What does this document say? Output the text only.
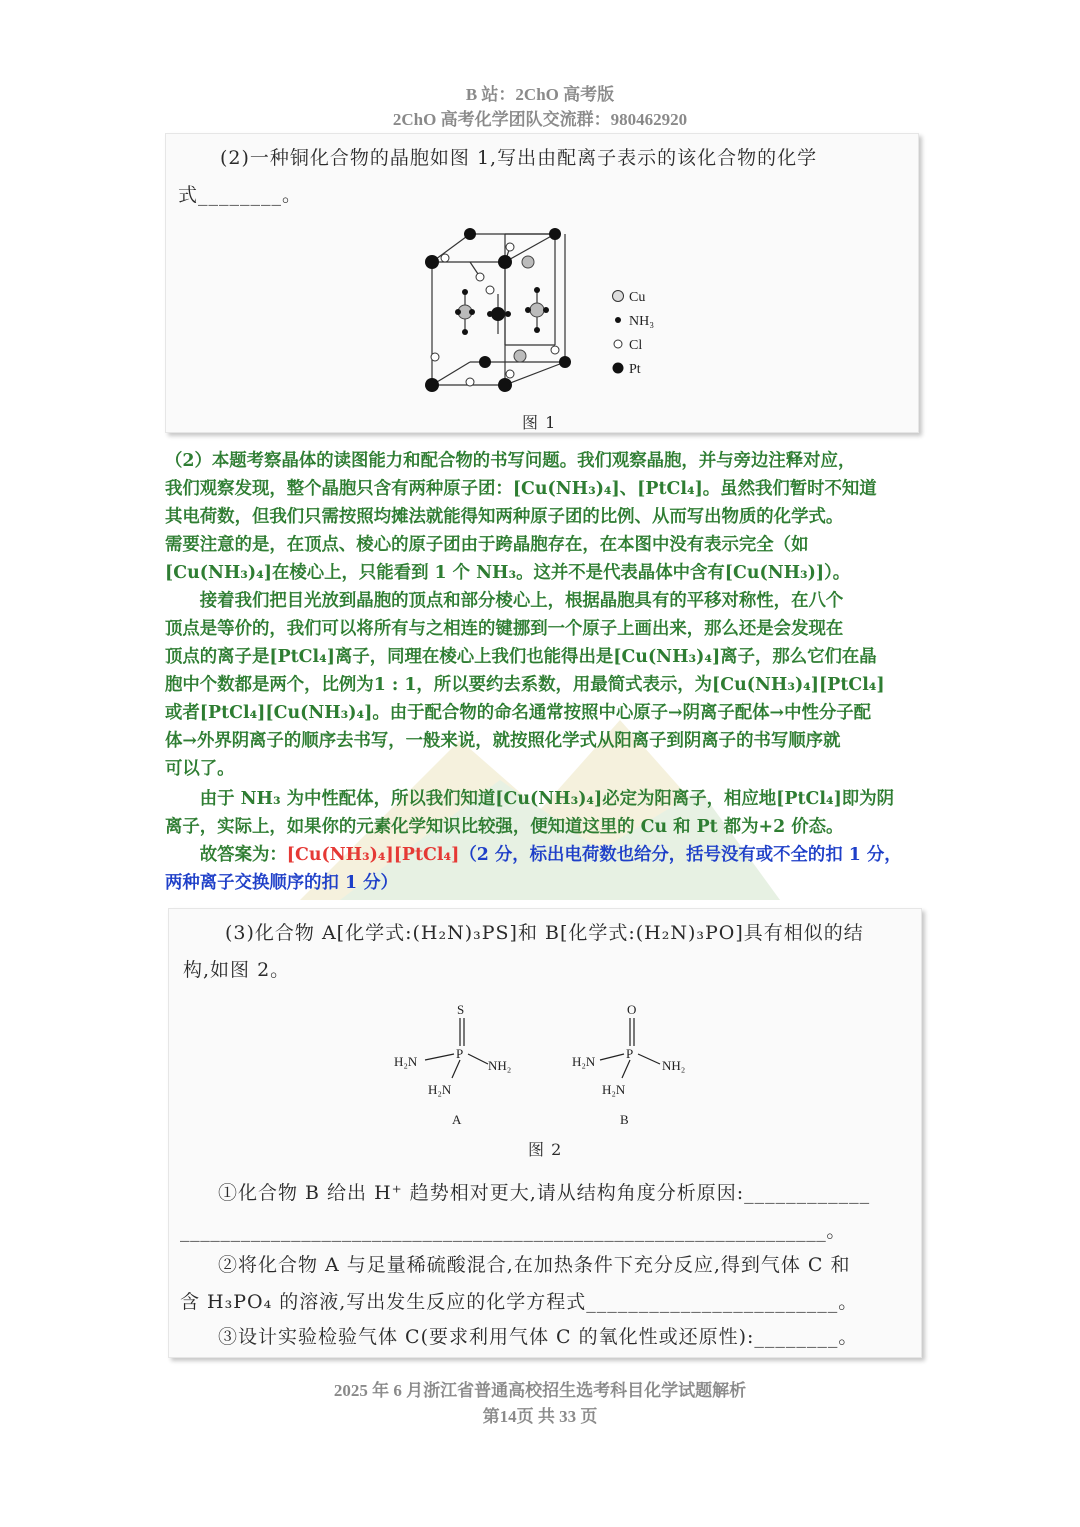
B 站：2ChO 高考版
2ChO 高考化学团队交流群：980462920
(2)一种铜化合物的晶胞如图 1,写出由配离子表示的该化合物的化学
式________。
Cu
NH₃
Cl
Pt
图 1
（2）本题考察晶体的读图能力和配合物的书写问题。我们观察晶胞，并与旁边注释对应，
我们观察发现，整个晶胞只含有两种原子团：[Cu(NH₃)₄]、[PtCl₄]。虽然我们暂时不知道
其电荷数，但我们只需按照均摊法就能得知两种原子团的比例、从而写出物质的化学式。
需要注意的是，在顶点、棱心的原子团由于跨晶胞存在，在本图中没有表示完全（如
[Cu(NH₃)₄]在棱心上，只能看到 1 个 NH₃。这并不是代表晶体中含有[Cu(NH₃)]）。
　　接着我们把目光放到晶胞的顶点和部分棱心上，根据晶胞具有的平移对称性，在八个
顶点是等价的，我们可以将所有与之相连的键挪到一个原子上画出来，那么还是会发现在
顶点的离子是[PtCl₄]离子，同理在棱心上我们也能得出是[Cu(NH₃)₄]离子，那么它们在晶
胞中个数都是两个，比例为1 : 1，所以要约去系数，用最简式表示，为[Cu(NH₃)₄][PtCl₄]
或者[PtCl₄][Cu(NH₃)₄]。由于配合物的命名通常按照中心原子→阴离子配体→中性分子配
体→外界阴离子的顺序去书写，一般来说，就按照化学式从阳离子到阴离子的书写顺序就
可以了。
　　由于 NH₃ 为中性配体，所以我们知道[Cu(NH₃)₄]必定为阳离子，相应地[PtCl₄]即为阴
离子，实际上，如果你的元素化学知识比较强，便知道这里的 Cu 和 Pt 都为+2 价态。
　　故答案为：[Cu(NH₃)₄][PtCl₄]（2 分，标出电荷数也给分，括号没有或不全的扣 1 分，
两种离子交换顺序的扣 1 分）
(3)化合物 A[化学式:(H₂N)₃PS]和 B[化学式:(H₂N)₃PO]具有相似的结
构,如图 2。
S
P
H₂N	NH₂
H₂N
A
O
P
H₂N	NH₂
H₂N
B
图 2
①化合物 B 给出 H⁺ 趋势相对更大,请从结构角度分析原因:____________
________________________________________________________________。
②将化合物 A 与足量稀硫酸混合,在加热条件下充分反应,得到气体 C 和
含 H₃PO₄ 的溶液,写出发生反应的化学方程式________________________。
③设计实验检验气体 C(要求利用气体 C 的氧化性或还原性):________。
2025 年 6 月浙江省普通高校招生选考科目化学试题解析
第14页 共 33 页
